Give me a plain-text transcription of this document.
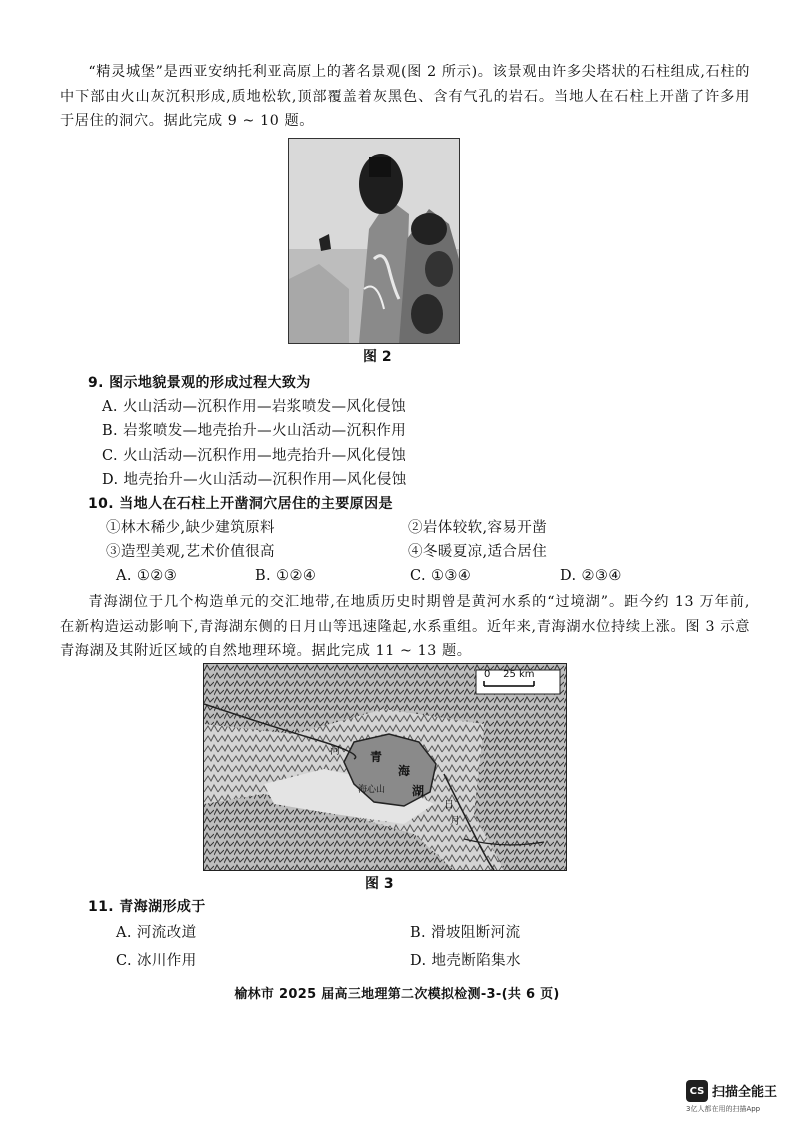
“精灵城堡”是西亚安纳托利亚高原上的著名景观(图 2 所示)。该景观由许多尖塔状的石柱组成,石柱的中下部由火山灰沉积形成,质地松软,顶部覆盖着灰黑色、含有气孔的岩石。当地人在石柱上开凿了许多用于居住的洞穴。据此完成 9 ~ 10 题。

图 2
9. 图示地貌景观的形成过程大致为
A. 火山活动—沉积作用—岩浆喷发—风化侵蚀
B. 岩浆喷发—地壳抬升—火山活动—沉积作用
C. 火山活动—沉积作用—地壳抬升—风化侵蚀
D. 地壳抬升—火山活动—沉积作用—风化侵蚀
10. 当地人在石柱上开凿洞穴居住的主要原因是
①林木稀少,缺少建筑原料	②岩体较软,容易开凿
③造型美观,艺术价值很高	④冬暖夏凉,适合居住
A. ①②③	B. ①②④	C. ①③④	D. ②③④

青海湖位于几个构造单元的交汇地带,在地质历史时期曾是黄河水系的“过境湖”。距今约 13 万年前,在新构造运动影响下,青海湖东侧的日月山等迅速隆起,水系重组。近年来,青海湖水位持续上涨。图 3 示意青海湖及其附近区域的自然地理环境。据此完成 11 ~ 13 题。

0    25 km
青
海
湖
海心山
河
日
月
图 3
11. 青海湖形成于
A. 河流改道	B. 滑坡阻断河流
C. 冰川作用	D. 地壳断陷集水
榆林市 2025 届高三地理第二次模拟检测-3-(共 6 页)
CS 扫描全能王
3亿人都在用的扫描App
